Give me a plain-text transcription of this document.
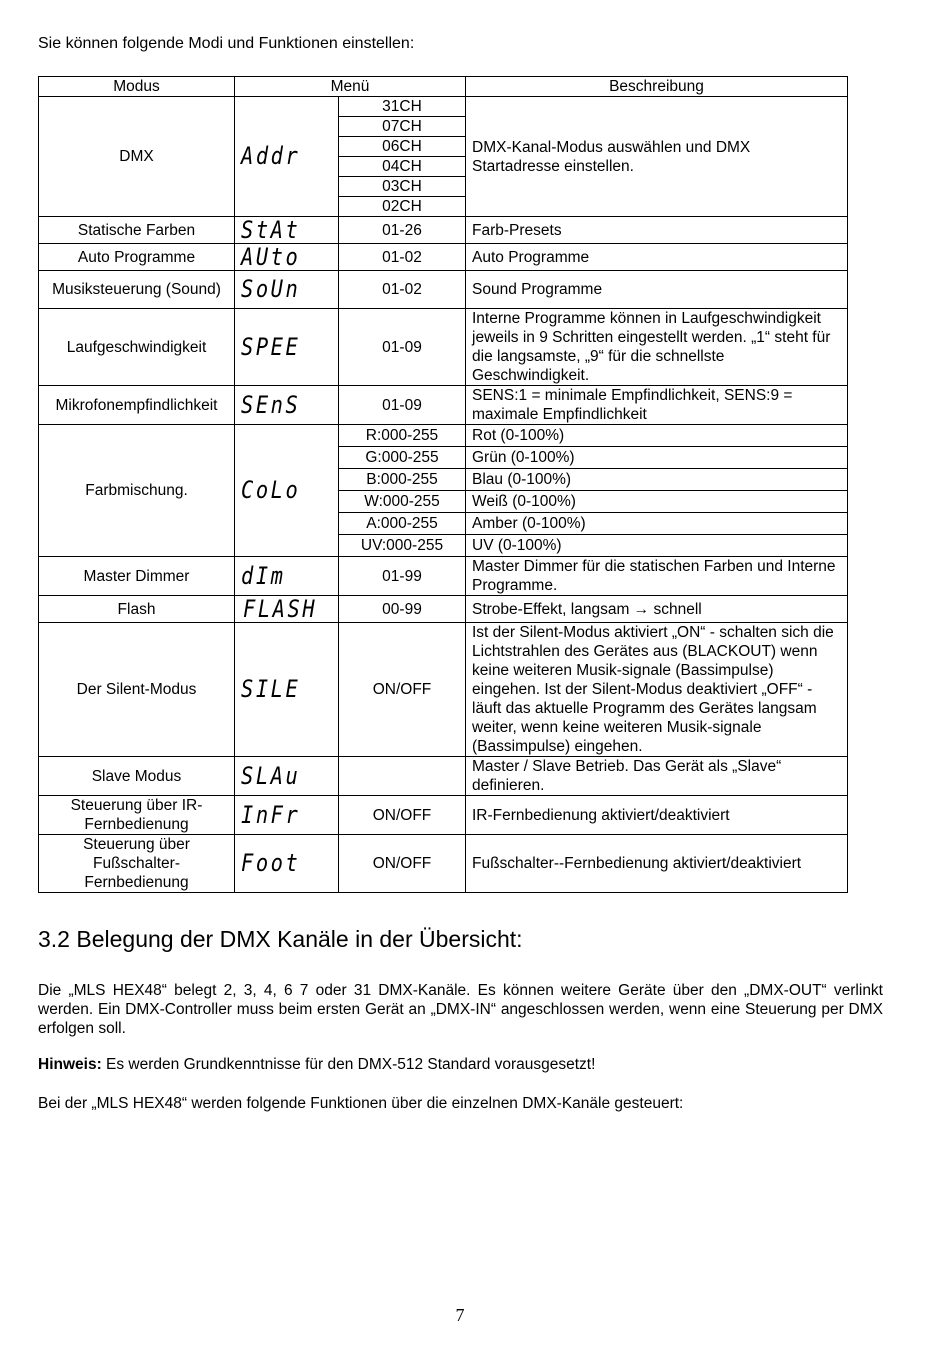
Sie können folgende Modi und Funktionen einstellen:
Modus	Menü		Beschreibung
DMX	Addr	31CH	DMX-Kanal-Modus auswählen und DMX Startadresse einstellen.
		07CH	
		06CH	
		04CH	
		03CH	
		02CH	
Statische Farben	StAt	01-26	Farb-Presets
Auto Programme	AUto	01-02	Auto Programme
Musiksteuerung (Sound)	SoUn	01-02	Sound Programme
Laufgeschwindigkeit	SPEE	01-09	Interne Programme können in Laufgeschwindigkeit jeweils in 9 Schritten eingestellt werden. „1“ steht für die langsamste, „9“ für die schnellste Geschwindigkeit.
Mikrofonempfindlichkeit	SEnS	01-09	SENS:1 = minimale Empfindlichkeit, SENS:9 = maximale Empfindlichkeit
Farbmischung.	CoLo	R:000-255	Rot (0-100%)
		G:000-255	Grün (0-100%)
		B:000-255	Blau (0-100%)
		W:000-255	Weiß (0-100%)
		A:000-255	Amber (0-100%)
		UV:000-255	UV (0-100%)
Master Dimmer	dIm	01-99	Master Dimmer für die statischen Farben und Interne Programme.
Flash	FLASH	00-99	Strobe-Effekt, langsam → schnell
Der Silent-Modus	SILE	ON/OFF	Ist der Silent-Modus aktiviert „ON“ - schalten sich die Lichtstrahlen des Gerätes aus (BLACKOUT) wenn keine weiteren Musik-signale (Bassimpulse) eingehen. Ist der Silent-Modus deaktiviert „OFF“ - läuft das aktuelle Programm des Gerätes langsam weiter, wenn keine weiteren Musik-signale (Bassimpulse) eingehen.
Slave Modus	SLAu		Master / Slave Betrieb. Das Gerät als „Slave“ definieren.
Steuerung über IR-Fernbedienung	InFr	ON/OFF	IR-Fernbedienung aktiviert/deaktiviert
Steuerung über Fußschalter-Fernbedienung	Foot	ON/OFF	Fußschalter--Fernbedienung aktiviert/deaktiviert
3.2 Belegung der DMX Kanäle in der Übersicht:

Die „MLS HEX48“ belegt 2, 3, 4, 6 7 oder 31 DMX-Kanäle. Es können weitere Geräte über den „DMX-OUT“ verlinkt werden. Ein DMX-Controller muss beim ersten Gerät an „DMX-IN“ angeschlossen werden, wenn eine Steuerung per DMX erfolgen soll.

Hinweis: Es werden Grundkenntnisse für den DMX-512 Standard vorausgesetzt!

Bei der „MLS HEX48“ werden folgende Funktionen über die einzelnen DMX-Kanäle gesteuert:

7
